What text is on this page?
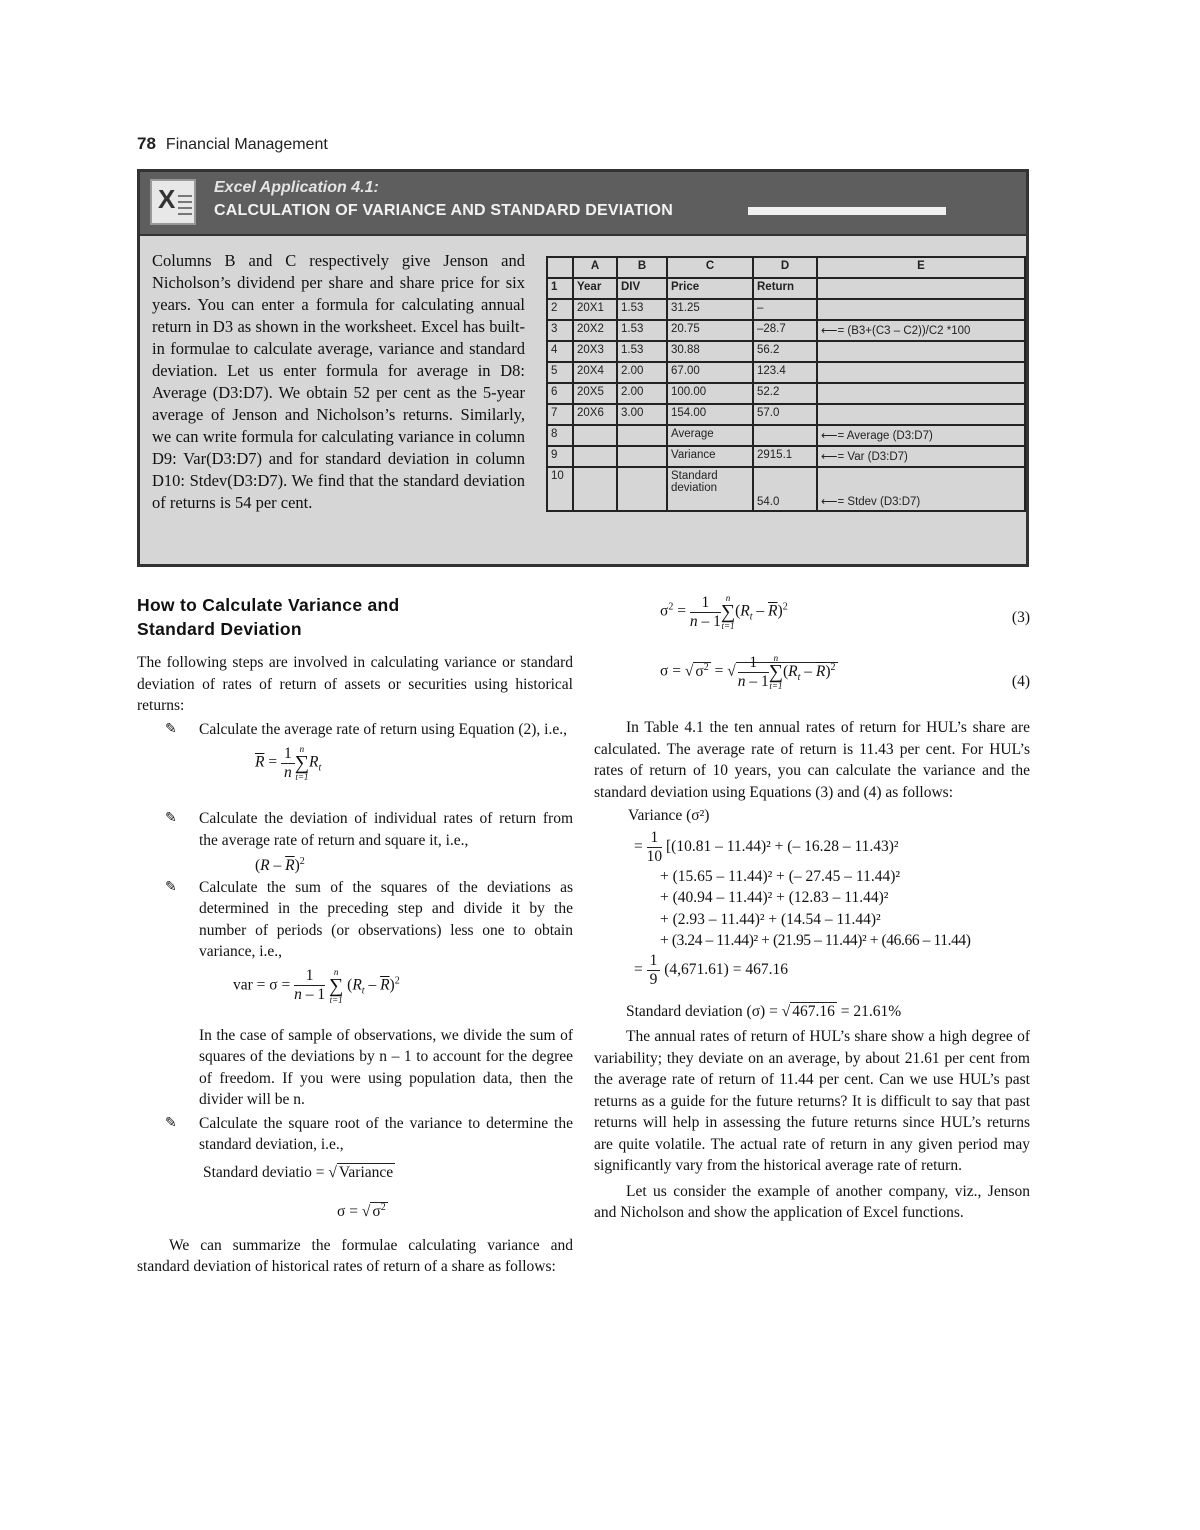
78 Financial Management
X Excel Application 4.1:
CALCULATION OF VARIANCE AND STANDARD DEVIATION
Columns B and C respectively give Jenson and Nicholson’s dividend per share and share price for six years. You can enter a formula for calculating annual return in D3 as shown in the worksheet. Excel has built-in formulae to calculate average, variance and standard deviation. Let us enter formula for average in D8: Average (D3:D7). We obtain 52 per cent as the 5-year average of Jenson and Nicholson’s returns. Similarly, we can write formula for calculating variance in column D9: Var(D3:D7) and for standard deviation in column D10: Stdev(D3:D7). We find that the standard deviation of returns is 54 per cent.
	A	B	C	D	E
1	Year	DIV	Price	Return	
2	20X1	1.53	31.25	–	
3	20X2	1.53	20.75	–28.7	⟵= (B3+(C3 – C2))/C2 *100
4	20X3	1.53	30.88	56.2	
5	20X4	2.00	67.00	123.4	
6	20X5	2.00	100.00	52.2	
7	20X6	3.00	154.00	57.0	
8			Average		⟵= Average (D3:D7)
9			Variance	2915.1	⟵= Var (D3:D7)
10			Standard deviation	54.0	⟵= Stdev (D3:D7)
How to Calculate Variance and
Standard Deviation
The following steps are involved in calculating variance or standard deviation of rates of return of assets or securities using historical returns:
✎ Calculate the average rate of return using Equation (2), i.e.,
$\overline{R} = \frac{1}{n}$ n
∑
t=1
$R_t$
✎ Calculate the deviation of individual rates of return from the average rate of return and square it, i.e.,
$(R - \overline{R})^2$
✎ Calculate the sum of the squares of the deviations as determined in the preceding step and divide it by the number of periods (or observations) less one to obtain variance, i.e.,
var = $\sigma = \frac{1}{n - 1}$
n
∑
t=1
$(R_t - \overline{R})^2$
In the case of sample of observations, we divide the sum of squares of the deviations by n – 1 to account for the degree of freedom. If you were using population data, then the divider will be n.
✎ Calculate the square root of the variance to determine the standard deviation, i.e.,
Standard deviatio = √ Variance
σ = √ $\sigma^2$
We can summarize the formulae calculating variance and standard deviation of historical rates of return of a share as follows:
$\sigma^2 = \frac{1}{n - 1}$ n
∑
t=1
$(R_t - \overline{R})^2$
(3)
σ = √ $\sigma^2$ = √ $\frac{1}{n - 1}$ n
∑
t=1
$(R_t - \overline{R})^2$
(4)
In Table 4.1 the ten annual rates of return for HUL’s share are calculated. The average rate of return is 11.43 per cent. For HUL’s rates of return of 10 years, you can calculate the variance and the standard deviation using Equations (3) and (4) as follows:
Variance (σ²)
= $\frac{1}{10} [(10.81 - 11.44)^2$ + (– 16.28 – 11.43)²
+ (15.65 – 11.44)² + (– 27.45 – 11.44)²
+ (40.94 – 11.44)² + (12.83 – 11.44)²
+ (2.93 – 11.44)² + (14.54 – 11.44)²
+ (3.24 – 11.44)² + (21.95 – 11.44)² + (46.66 – 11.44)
= $\frac{1}{9} (4,671.61) = 467.16$
Standard deviation (σ) = √ 467.16 = 21.61%
The annual rates of return of HUL’s share show a high degree of variability; they deviate on an average, by about 21.61 per cent from the average rate of return of 11.44 per cent. Can we use HUL’s past returns as a guide for the future returns? It is difficult to say that past returns will help in assessing the future returns since HUL’s returns are quite volatile. The actual rate of return in any given period may significantly vary from the historical average rate of return.
Let us consider the example of another company, viz., Jenson and Nicholson and show the application of Excel functions.
